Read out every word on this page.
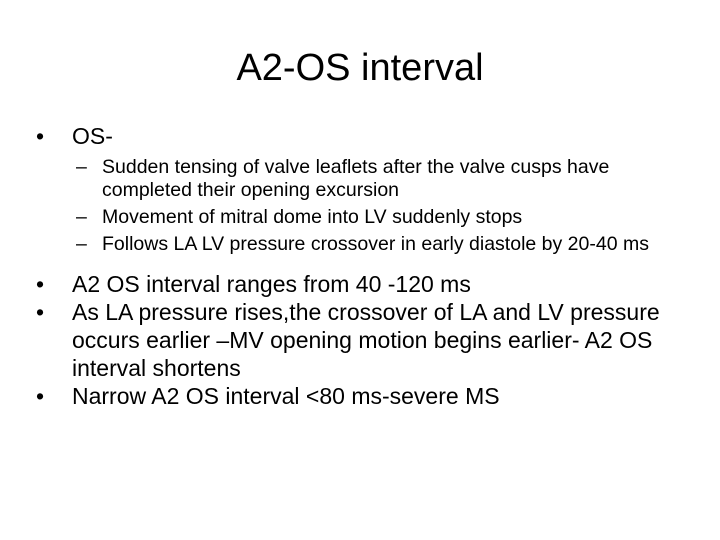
A2-OS interval
•	OS-
– Sudden tensing of valve leaflets after the valve cusps have completed their opening excursion
– Movement of mitral dome into LV suddenly stops
– Follows LA LV pressure crossover in early diastole by 20-40 ms
•	A2 OS interval ranges from 40 -120 ms
•	As LA pressure rises,the crossover of LA and LV pressure occurs earlier –MV opening motion begins earlier- A2 OS interval shortens
•	Narrow A2 OS interval <80 ms-severe MS
